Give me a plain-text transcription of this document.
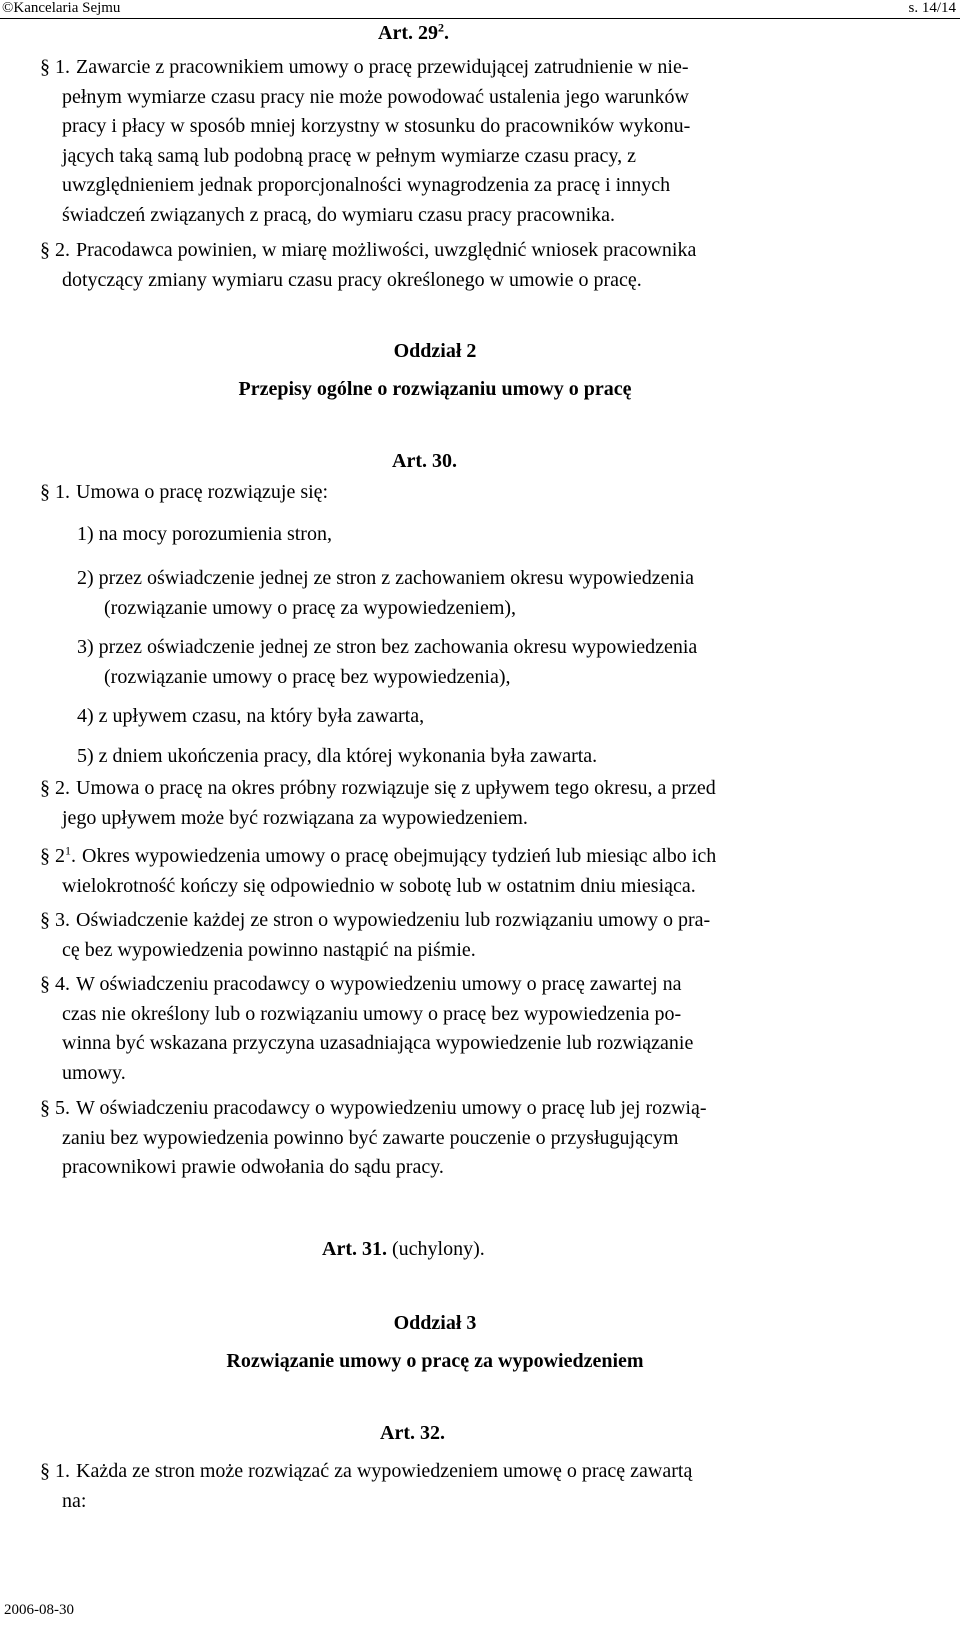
©Kancelaria Sejmu	s. 14/14
Art. $29^2$.
§ 1. Zawarcie z pracownikiem umowy o pracę przewidującej zatrudnienie w nie-
pełnym wymiarze czasu pracy nie może powodować ustalenia jego warunków
pracy i płacy w sposób mniej korzystny w stosunku do pracowników wykonu-
jących taką samą lub podobną pracę w pełnym wymiarze czasu pracy, z
uwzględnieniem jednak proporcjonalności wynagrodzenia za pracę i innych
świadczeń związanych z pracą, do wymiaru czasu pracy pracownika.
§ 2. Pracodawca powinien, w miarę możliwości, uwzględnić wniosek pracownika
dotyczący zmiany wymiaru czasu pracy określonego w umowie o pracę.
Oddział 2
Przepisy ogólne o rozwiązaniu umowy o pracę
Art. 30.
§ 1. Umowa o pracę rozwiązuje się:
1) na mocy porozumienia stron,
2) przez oświadczenie jednej ze stron z zachowaniem okresu wypowiedzenia
(rozwiązanie umowy o pracę za wypowiedzeniem),
3) przez oświadczenie jednej ze stron bez zachowania okresu wypowiedzenia
(rozwiązanie umowy o pracę bez wypowiedzenia),
4) z upływem czasu, na który była zawarta,
5) z dniem ukończenia pracy, dla której wykonania była zawarta.
§ 2. Umowa o pracę na okres próbny rozwiązuje się z upływem tego okresu, a przed
jego upływem może być rozwiązana za wypowiedzeniem.
§ $2^1$. Okres wypowiedzenia umowy o pracę obejmujący tydzień lub miesiąc albo ich
wielokrotność kończy się odpowiednio w sobotę lub w ostatnim dniu miesiąca.
§ 3. Oświadczenie każdej ze stron o wypowiedzeniu lub rozwiązaniu umowy o pra-
cę bez wypowiedzenia powinno nastąpić na piśmie.
§ 4. W oświadczeniu pracodawcy o wypowiedzeniu umowy o pracę zawartej na
czas nie określony lub o rozwiązaniu umowy o pracę bez wypowiedzenia po-
winna być wskazana przyczyna uzasadniająca wypowiedzenie lub rozwiązanie
umowy.
§ 5. W oświadczeniu pracodawcy o wypowiedzeniu umowy o pracę lub jej rozwią-
zaniu bez wypowiedzenia powinno być zawarte pouczenie o przysługującym
pracownikowi prawie odwołania do sądu pracy.
Art. 31. (uchylony).
Oddział 3
Rozwiązanie umowy o pracę za wypowiedzeniem
Art. 32.
§ 1. Każda ze stron może rozwiązać za wypowiedzeniem umowę o pracę zawartą
na:
2006-08-30
